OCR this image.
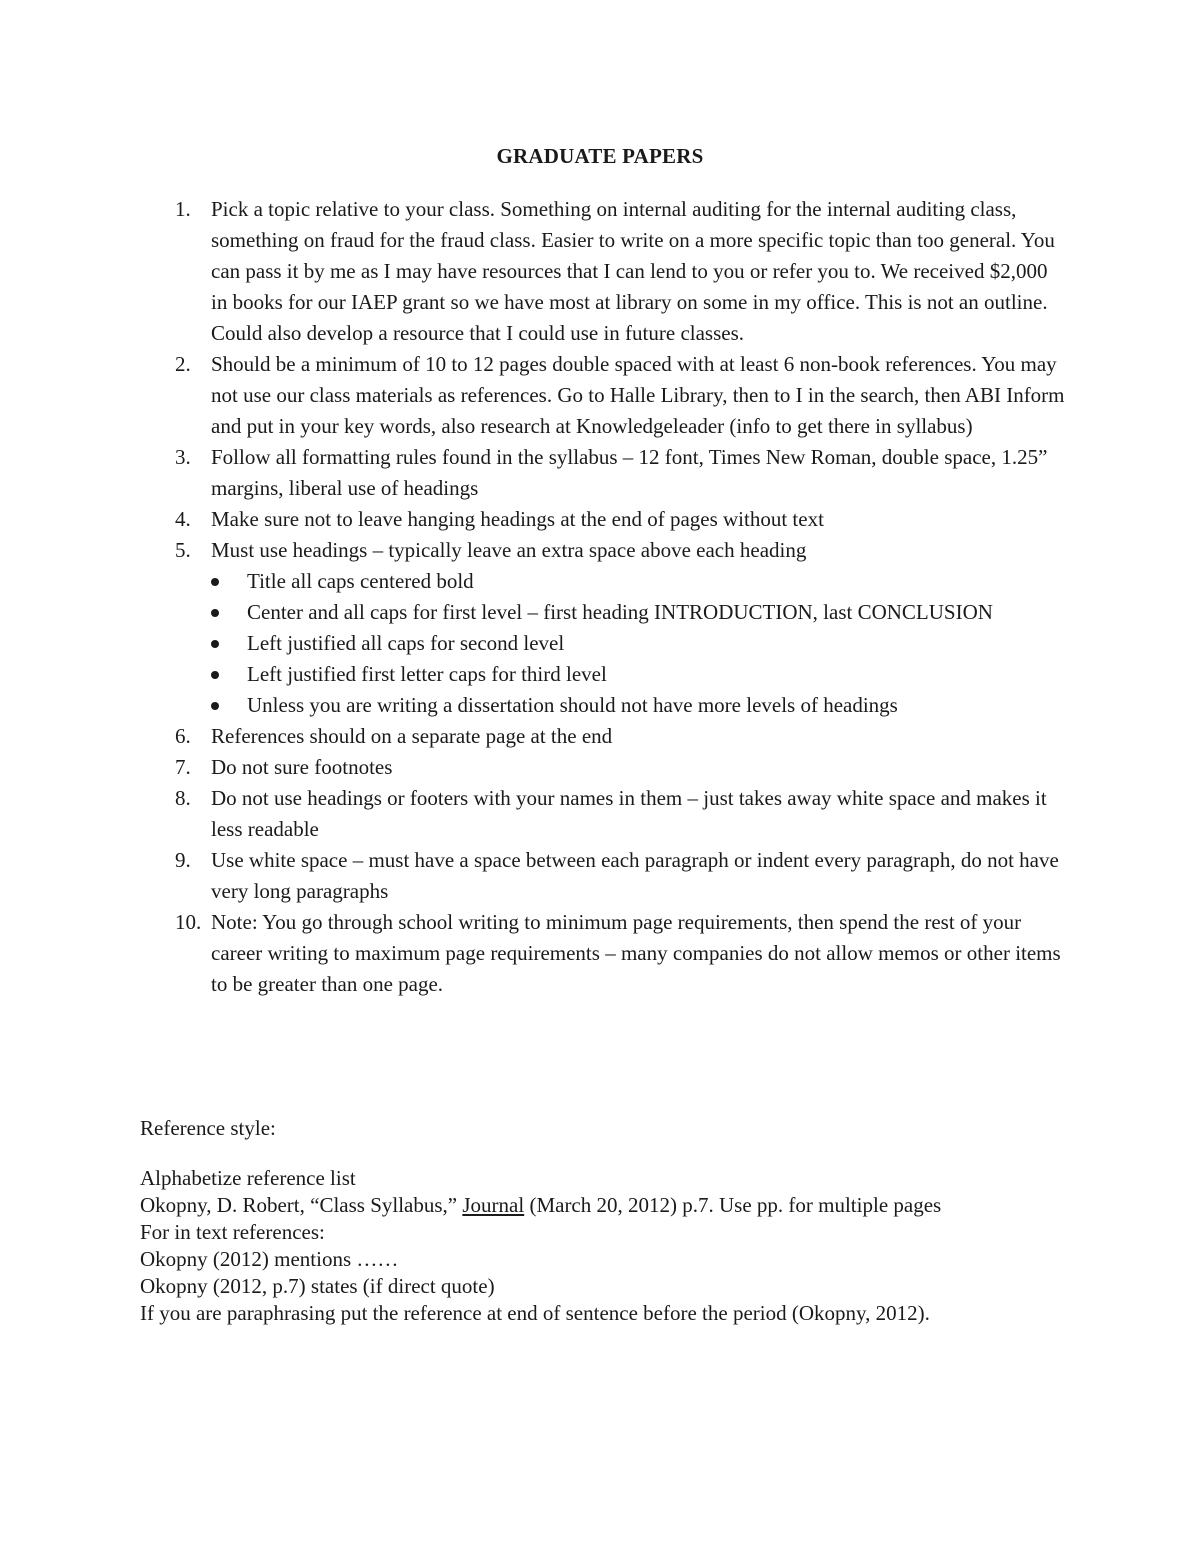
GRADUATE PAPERS
1. Pick a topic relative to your class. Something on internal auditing for the internal auditing class, something on fraud for the fraud class. Easier to write on a more specific topic than too general. You can pass it by me as I may have resources that I can lend to you or refer you to. We received $2,000 in books for our IAEP grant so we have most at library on some in my office. This is not an outline. Could also develop a resource that I could use in future classes.
2. Should be a minimum of 10 to 12 pages double spaced with at least 6 non-book references. You may not use our class materials as references. Go to Halle Library, then to I in the search, then ABI Inform and put in your key words, also research at Knowledgeleader (info to get there in syllabus)
3. Follow all formatting rules found in the syllabus – 12 font, Times New Roman, double space, 1.25” margins, liberal use of headings
4. Make sure not to leave hanging headings at the end of pages without text
5. Must use headings – typically leave an extra space above each heading
Title all caps centered bold
Center and all caps for first level – first heading INTRODUCTION, last CONCLUSION
Left justified all caps for second level
Left justified first letter caps for third level
Unless you are writing a dissertation should not have more levels of headings
6. References should on a separate page at the end
7. Do not sure footnotes
8. Do not use headings or footers with your names in them – just takes away white space and makes it less readable
9. Use white space – must have a space between each paragraph or indent every paragraph, do not have very long paragraphs
10. Note: You go through school writing to minimum page requirements, then spend the rest of your career writing to maximum page requirements – many companies do not allow memos or other items to be greater than one page.
Reference style:
Alphabetize reference list
Okopny, D. Robert, “Class Syllabus,” Journal (March 20, 2012) p.7. Use pp. for multiple pages
For in text references:
Okopny (2012) mentions ……
Okopny (2012, p.7) states (if direct quote)
If you are paraphrasing put the reference at end of sentence before the period (Okopny, 2012).
